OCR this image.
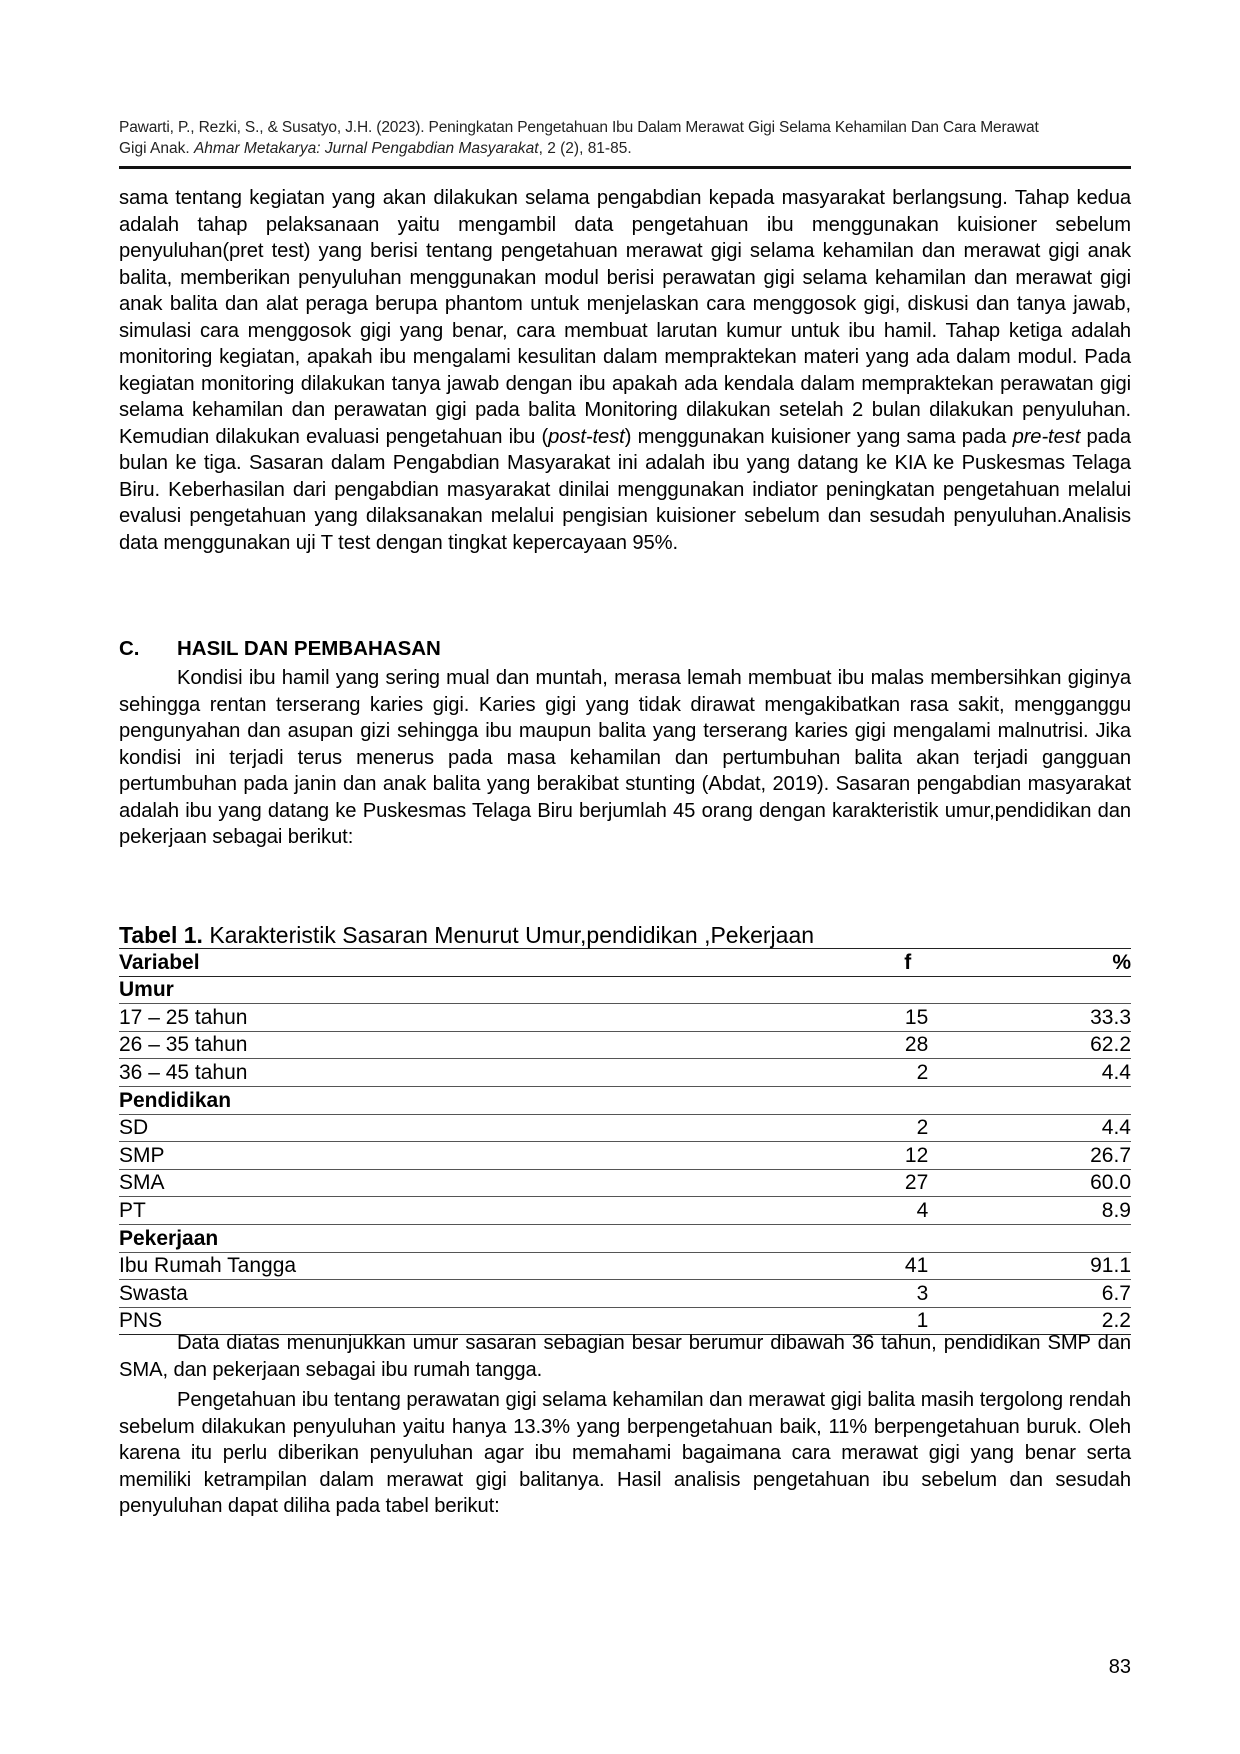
Pawarti, P., Rezki, S., & Susatyo, J.H. (2023). Peningkatan Pengetahuan Ibu Dalam Merawat Gigi Selama Kehamilan Dan Cara Merawat
Gigi Anak. Ahmar Metakarya: Jurnal Pengabdian Masyarakat, 2 (2), 81-85.

sama tentang kegiatan yang akan dilakukan selama pengabdian kepada masyarakat berlangsung. Tahap kedua adalah tahap pelaksanaan yaitu mengambil data pengetahuan ibu menggunakan kuisioner sebelum penyuluhan(pret test) yang berisi tentang pengetahuan merawat gigi selama kehamilan dan merawat gigi anak balita, memberikan penyuluhan menggunakan modul berisi perawatan gigi selama kehamilan dan merawat gigi anak balita dan alat peraga berupa phantom untuk menjelaskan cara menggosok gigi, diskusi dan tanya jawab, simulasi cara menggosok gigi yang benar, cara membuat larutan kumur untuk ibu hamil. Tahap ketiga adalah monitoring kegiatan, apakah ibu mengalami kesulitan dalam mempraktekan materi yang ada dalam modul. Pada kegiatan monitoring dilakukan tanya jawab dengan ibu apakah ada kendala dalam mempraktekan perawatan gigi selama kehamilan dan perawatan gigi pada balita Monitoring dilakukan setelah 2 bulan dilakukan penyuluhan. Kemudian dilakukan evaluasi pengetahuan ibu (post-test) menggunakan kuisioner yang sama pada pre-test pada bulan ke tiga. Sasaran dalam Pengabdian Masyarakat ini adalah ibu yang datang ke KIA ke Puskesmas Telaga Biru. Keberhasilan dari pengabdian masyarakat dinilai menggunakan indiator peningkatan pengetahuan melalui evalusi pengetahuan yang dilaksanakan melalui pengisian kuisioner sebelum dan sesudah penyuluhan.Analisis data menggunakan uji T test dengan tingkat kepercayaan 95%.

C. HASIL DAN PEMBAHASAN

Kondisi ibu hamil yang sering mual dan muntah, merasa lemah membuat ibu malas membersihkan giginya sehingga rentan terserang karies gigi. Karies gigi yang tidak dirawat mengakibatkan rasa sakit, mengganggu pengunyahan dan asupan gizi sehingga ibu maupun balita yang terserang karies gigi mengalami malnutrisi. Jika kondisi ini terjadi terus menerus pada masa kehamilan dan pertumbuhan balita akan terjadi gangguan pertumbuhan pada janin dan anak balita yang berakibat stunting (Abdat, 2019). Sasaran pengabdian masyarakat adalah ibu yang datang ke Puskesmas Telaga Biru berjumlah 45 orang dengan karakteristik umur,pendidikan dan pekerjaan sebagai berikut:

Tabel 1. Karakteristik Sasaran Menurut Umur,pendidikan ,Pekerjaan
Variabel	f	%
Umur		
17 – 25 tahun	15	33.3
26 – 35 tahun	28	62.2
36 – 45 tahun	2	4.4
Pendidikan		
SD	2	4.4
SMP	12	26.7
SMA	27	60.0
PT	4	8.9
Pekerjaan		
Ibu Rumah Tangga	41	91.1
Swasta	3	6.7
PNS	1	2.2

Data diatas menunjukkan umur sasaran sebagian besar berumur dibawah 36 tahun, pendidikan SMP dan SMA, dan pekerjaan sebagai ibu rumah tangga.

Pengetahuan ibu tentang perawatan gigi selama kehamilan dan merawat gigi balita masih tergolong rendah sebelum dilakukan penyuluhan yaitu hanya 13.3% yang berpengetahuan baik, 11% berpengetahuan buruk. Oleh karena itu perlu diberikan penyuluhan agar ibu memahami bagaimana cara merawat gigi yang benar serta memiliki ketrampilan dalam merawat gigi balitanya. Hasil analisis pengetahuan ibu sebelum dan sesudah penyuluhan dapat diliha pada tabel berikut:

83
